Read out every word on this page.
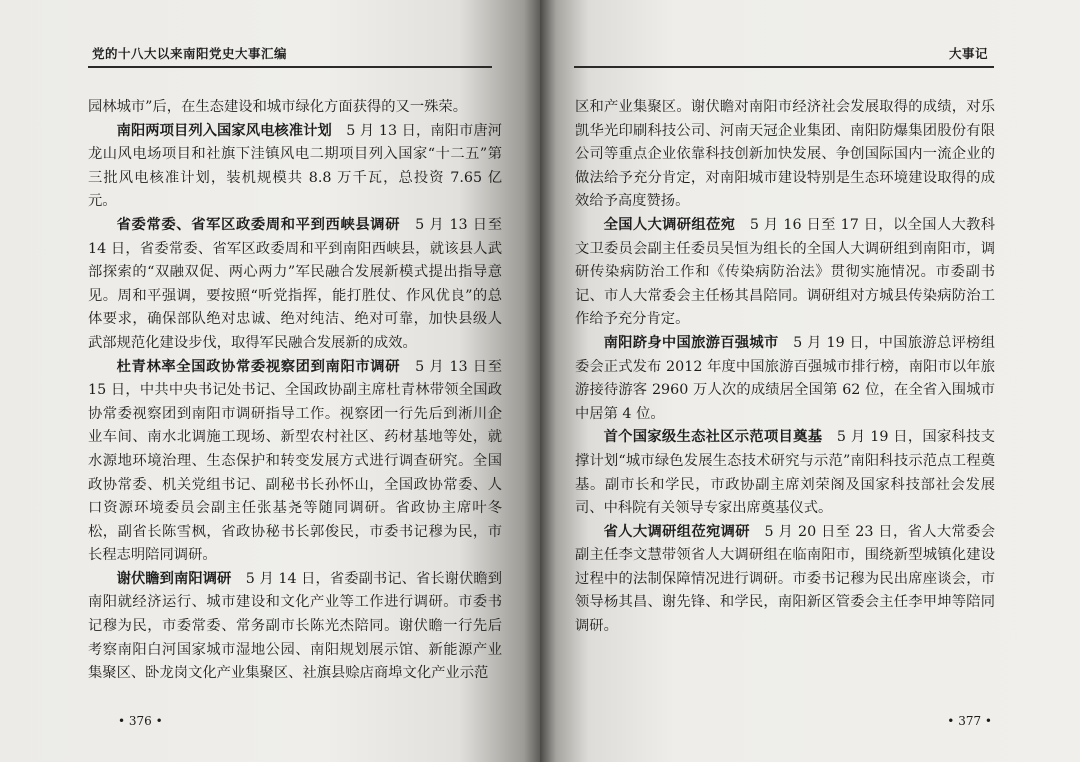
党的十八大以来南阳党史大事汇编

园林城市”后，在生态建设和城市绿化方面获得的又一殊荣。

南阳两项目列入国家风电核准计划　 5 月 13 日，南阳市唐河龙山风电场项目和社旗下洼镇风电二期项目列入国家“十二五”第三批风电核准计划，装机规模共 8.8 万千瓦，总投资 7.65 亿元。

省委常委、省军区政委周和平到西峡县调研　 5 月 13 日至 14 日，省委常委、省军区政委周和平到南阳西峡县，就该县人武部探索的“双融双促、两心两力”军民融合发展新模式提出指导意见。周和平强调，要按照“听党指挥，能打胜仗、作风优良”的总体要求，确保部队绝对忠诚、绝对纯洁、绝对可靠，加快县级人武部规范化建设步伐，取得军民融合发展新的成效。

杜青林率全国政协常委视察团到南阳市调研　 5 月 13 日至 15 日，中共中央书记处书记、全国政协副主席杜青林带领全国政协常委视察团到南阳市调研指导工作。视察团一行先后到淅川企业车间、南水北调施工现场、新型农村社区、药材基地等处，就水源地环境治理、生态保护和转变发展方式进行调查研究。全国政协常委、机关党组书记、副秘书长孙怀山，全国政协常委、人口资源环境委员会副主任张基尧等随同调研。省政协主席叶冬松，副省长陈雪枫，省政协秘书长郭俊民，市委书记穆为民，市长程志明陪同调研。

谢伏瞻到南阳调研　 5 月 14 日，省委副书记、省长谢伏瞻到南阳就经济运行、城市建设和文化产业等工作进行调研。市委书记穆为民，市委常委、常务副市长陈光杰陪同。谢伏瞻一行先后考察南阳白河国家城市湿地公园、南阳规划展示馆、新能源产业集聚区、卧龙岗文化产业集聚区、社旗县赊店商埠文化产业示范

• 376 •
大事记

区和产业集聚区。谢伏瞻对南阳市经济社会发展取得的成绩，对乐凯华光印刷科技公司、河南天冠企业集团、南阳防爆集团股份有限公司等重点企业依靠科技创新加快发展、争创国际国内一流企业的做法给予充分肯定，对南阳城市建设特别是生态环境建设取得的成效给予高度赞扬。

全国人大调研组莅宛　 5 月 16 日至 17 日，以全国人大教科文卫委员会副主任委员吴恒为组长的全国人大调研组到南阳市，调研传染病防治工作和《传染病防治法》贯彻实施情况。市委副书记、市人大常委会主任杨其昌陪同。调研组对方城县传染病防治工作给予充分肯定。

南阳跻身中国旅游百强城市　 5 月 19 日，中国旅游总评榜组委会正式发布 2012 年度中国旅游百强城市排行榜，南阳市以年旅游接待游客 2960 万人次的成绩居全国第 62 位，在全省入围城市中居第 4 位。

首个国家级生态社区示范项目奠基　 5 月 19 日，国家科技支撑计划“城市绿色发展生态技术研究与示范”南阳科技示范点工程奠基。副市长和学民，市政协副主席刘荣阁及国家科技部社会发展司、中科院有关领导专家出席奠基仪式。

省人大调研组莅宛调研　 5 月 20 日至 23 日，省人大常委会副主任李文慧带领省人大调研组在临南阳市，围绕新型城镇化建设过程中的法制保障情况进行调研。市委书记穆为民出席座谈会，市领导杨其昌、谢先锋、和学民，南阳新区管委会主任李甲坤等陪同调研。

• 377 •
